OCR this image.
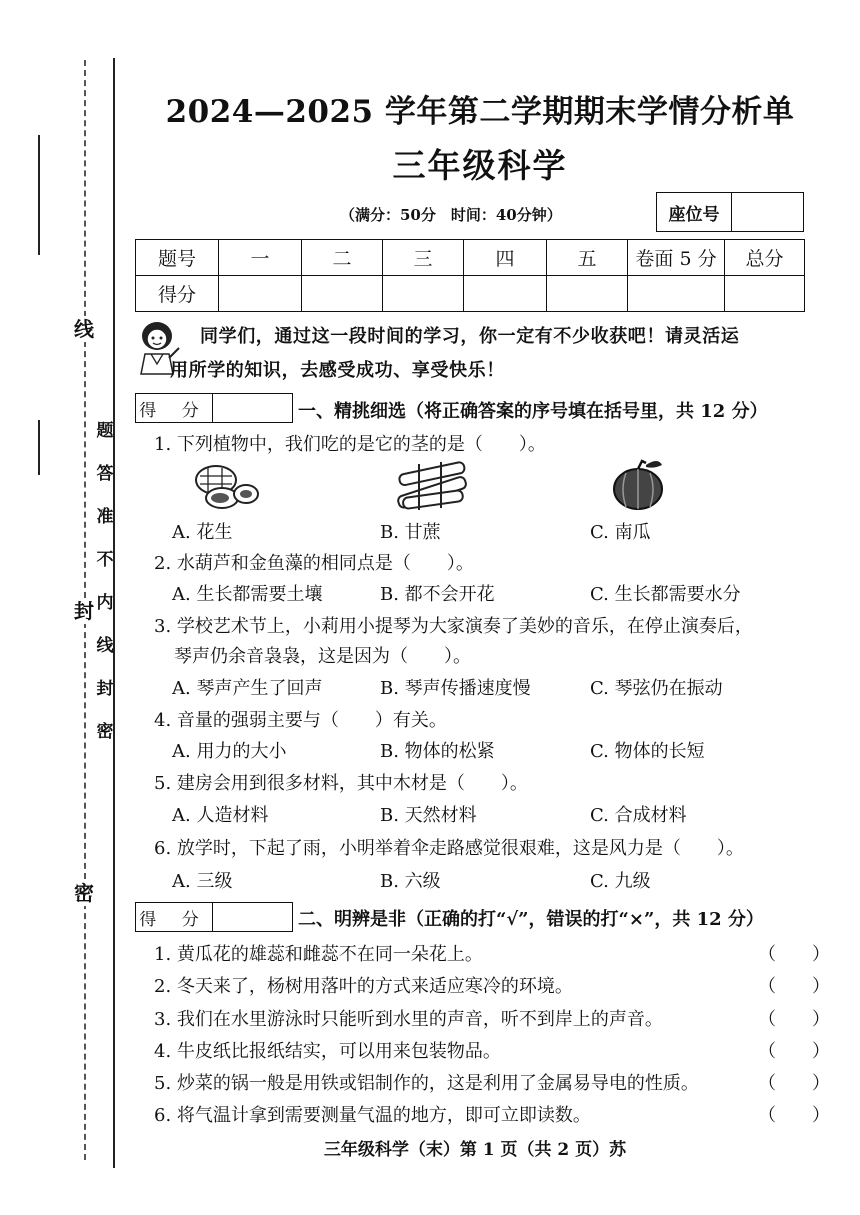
线
封
密
题
答
准
不
内
线
封
密
2024—2025 学年第二学期期末学情分析单
三年级科学
（满分：50分　时间：40分钟）	座位号
题号	一	二	三	四	五	卷面 5 分	总分
得分							
同学们，通过这一段时间的学习，你一定有不少收获吧！请灵活运
用所学的知识，去感受成功、享受快乐！
得 分	一、精挑细选（将正确答案的序号填在括号里，共 12 分）
1. 下列植物中，我们吃的是它的茎的是（　　）。
A. 花生	B. 甘蔗	C. 南瓜
2. 水葫芦和金鱼藻的相同点是（　　）。
A. 生长都需要土壤	B. 都不会开花	C. 生长都需要水分
3. 学校艺术节上，小莉用小提琴为大家演奏了美妙的音乐，在停止演奏后，
琴声仍余音袅袅，这是因为（　　）。
A. 琴声产生了回声	B. 琴声传播速度慢	C. 琴弦仍在振动
4. 音量的强弱主要与（　　）有关。
A. 用力的大小	B. 物体的松紧	C. 物体的长短
5. 建房会用到很多材料，其中木材是（　　）。
A. 人造材料	B. 天然材料	C. 合成材料
6. 放学时，下起了雨，小明举着伞走路感觉很艰难，这是风力是（　　）。
A. 三级	B. 六级	C. 九级
得 分	二、明辨是非（正确的打“√”，错误的打“×”，共 12 分）
1. 黄瓜花的雄蕊和雌蕊不在同一朵花上。	（　　）
2. 冬天来了，杨树用落叶的方式来适应寒冷的环境。	（　　）
3. 我们在水里游泳时只能听到水里的声音，听不到岸上的声音。	（　　）
4. 牛皮纸比报纸结实，可以用来包装物品。	（　　）
5. 炒菜的锅一般是用铁或铝制作的，这是利用了金属易导电的性质。	（　　）
6. 将气温计拿到需要测量气温的地方，即可立即读数。	（　　）
三年级科学（末）第 1 页（共 2 页）苏
